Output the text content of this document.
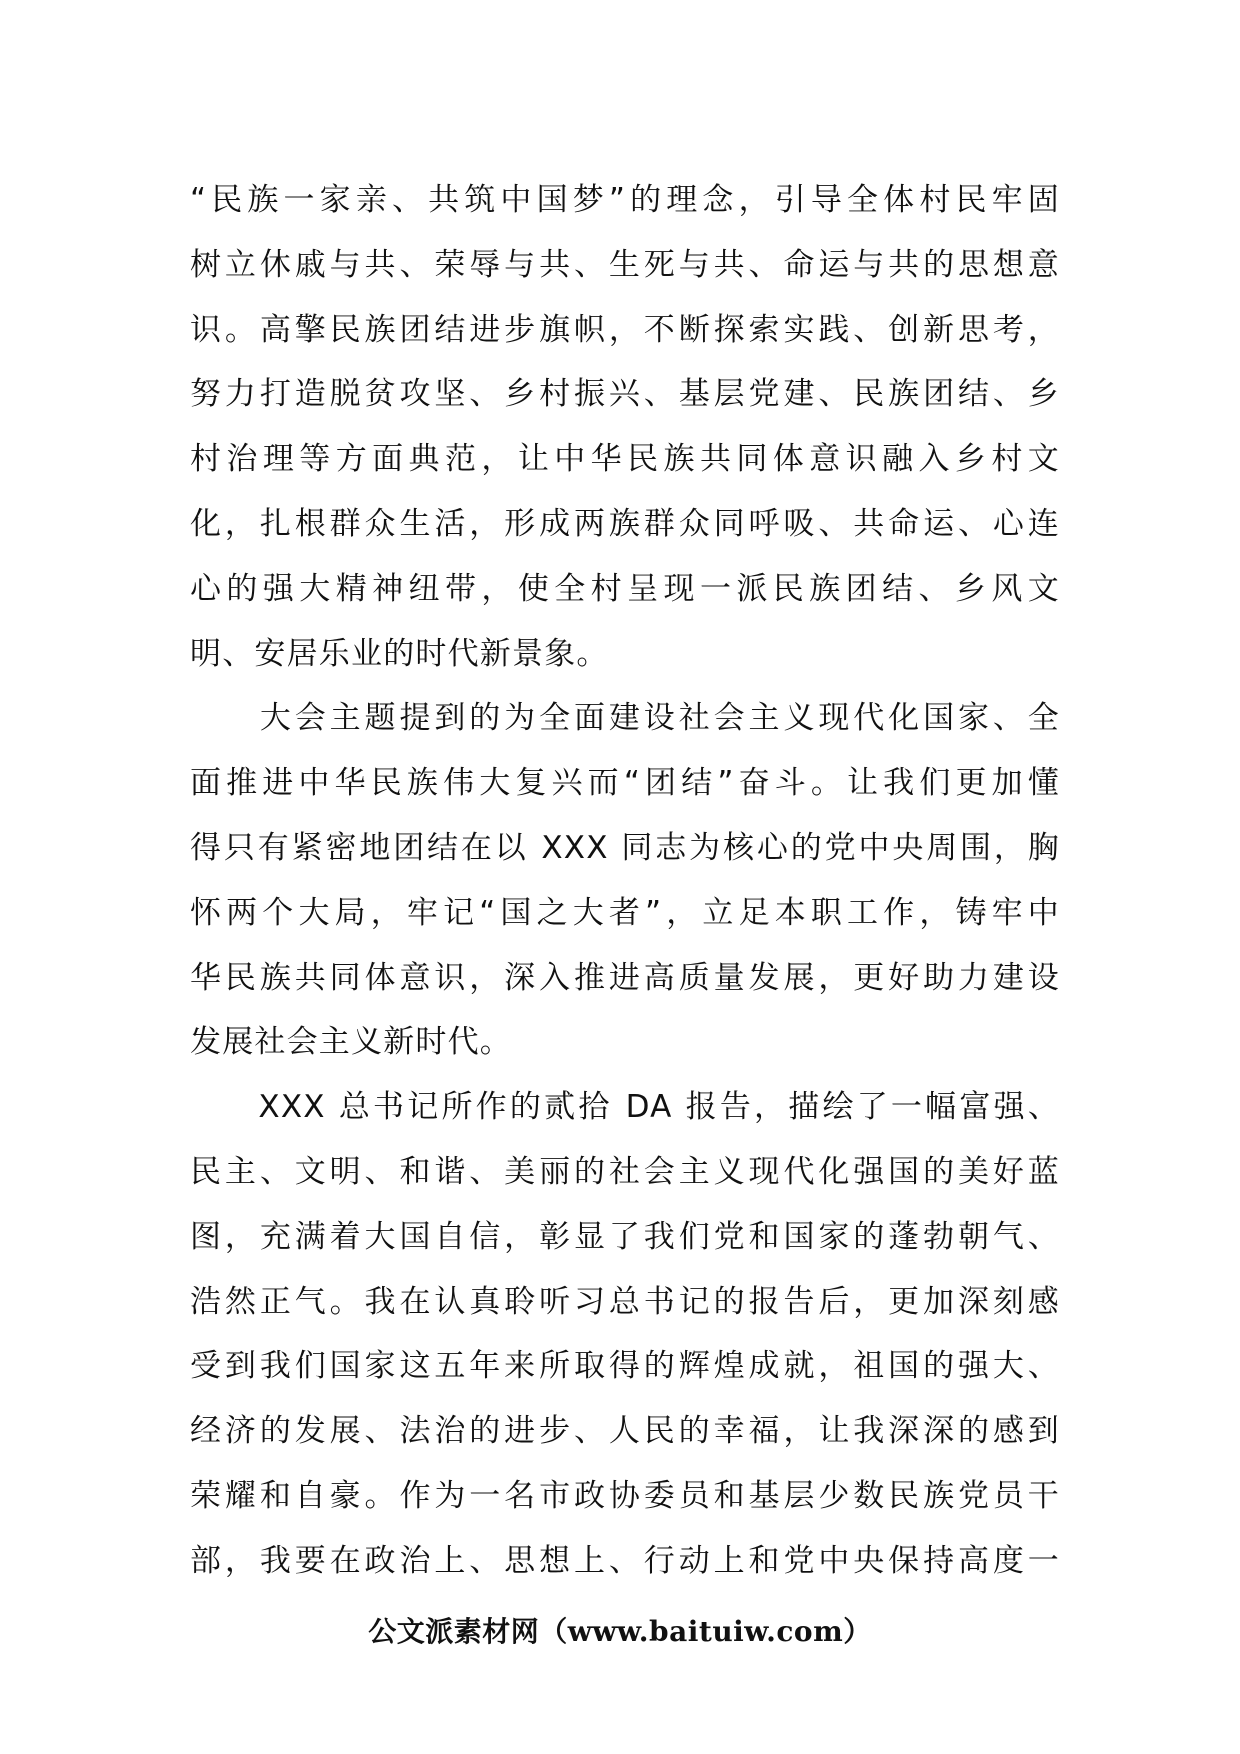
“民族一家亲、共筑中国梦”的理念，引导全体村民牢固
树立休戚与共、荣辱与共、生死与共、命运与共的思想意
识。高擎民族团结进步旗帜，不断探索实践、创新思考，
努力打造脱贫攻坚、乡村振兴、基层党建、民族团结、乡
村治理等方面典范，让中华民族共同体意识融入乡村文
化，扎根群众生活，形成两族群众同呼吸、共命运、心连
心的强大精神纽带，使全村呈现一派民族团结、乡风文
明、安居乐业的时代新景象。
　　大会主题提到的为全面建设社会主义现代化国家、全
面推进中华民族伟大复兴而“团结”奋斗。让我们更加懂
得只有紧密地团结在以 XXX 同志为核心的党中央周围，胸
怀两个大局，牢记“国之大者”，立足本职工作，铸牢中
华民族共同体意识，深入推进高质量发展，更好助力建设
发展社会主义新时代。
　　XXX 总书记所作的贰拾 DA 报告，描绘了一幅富强、
民主、文明、和谐、美丽的社会主义现代化强国的美好蓝
图，充满着大国自信，彰显了我们党和国家的蓬勃朝气、
浩然正气。我在认真聆听习总书记的报告后，更加深刻感
受到我们国家这五年来所取得的辉煌成就，祖国的强大、
经济的发展、法治的进步、人民的幸福，让我深深的感到
荣耀和自豪。作为一名市政协委员和基层少数民族党员干
部，我要在政治上、思想上、行动上和党中央保持高度一
公文派素材网（www.baituiw.com）
